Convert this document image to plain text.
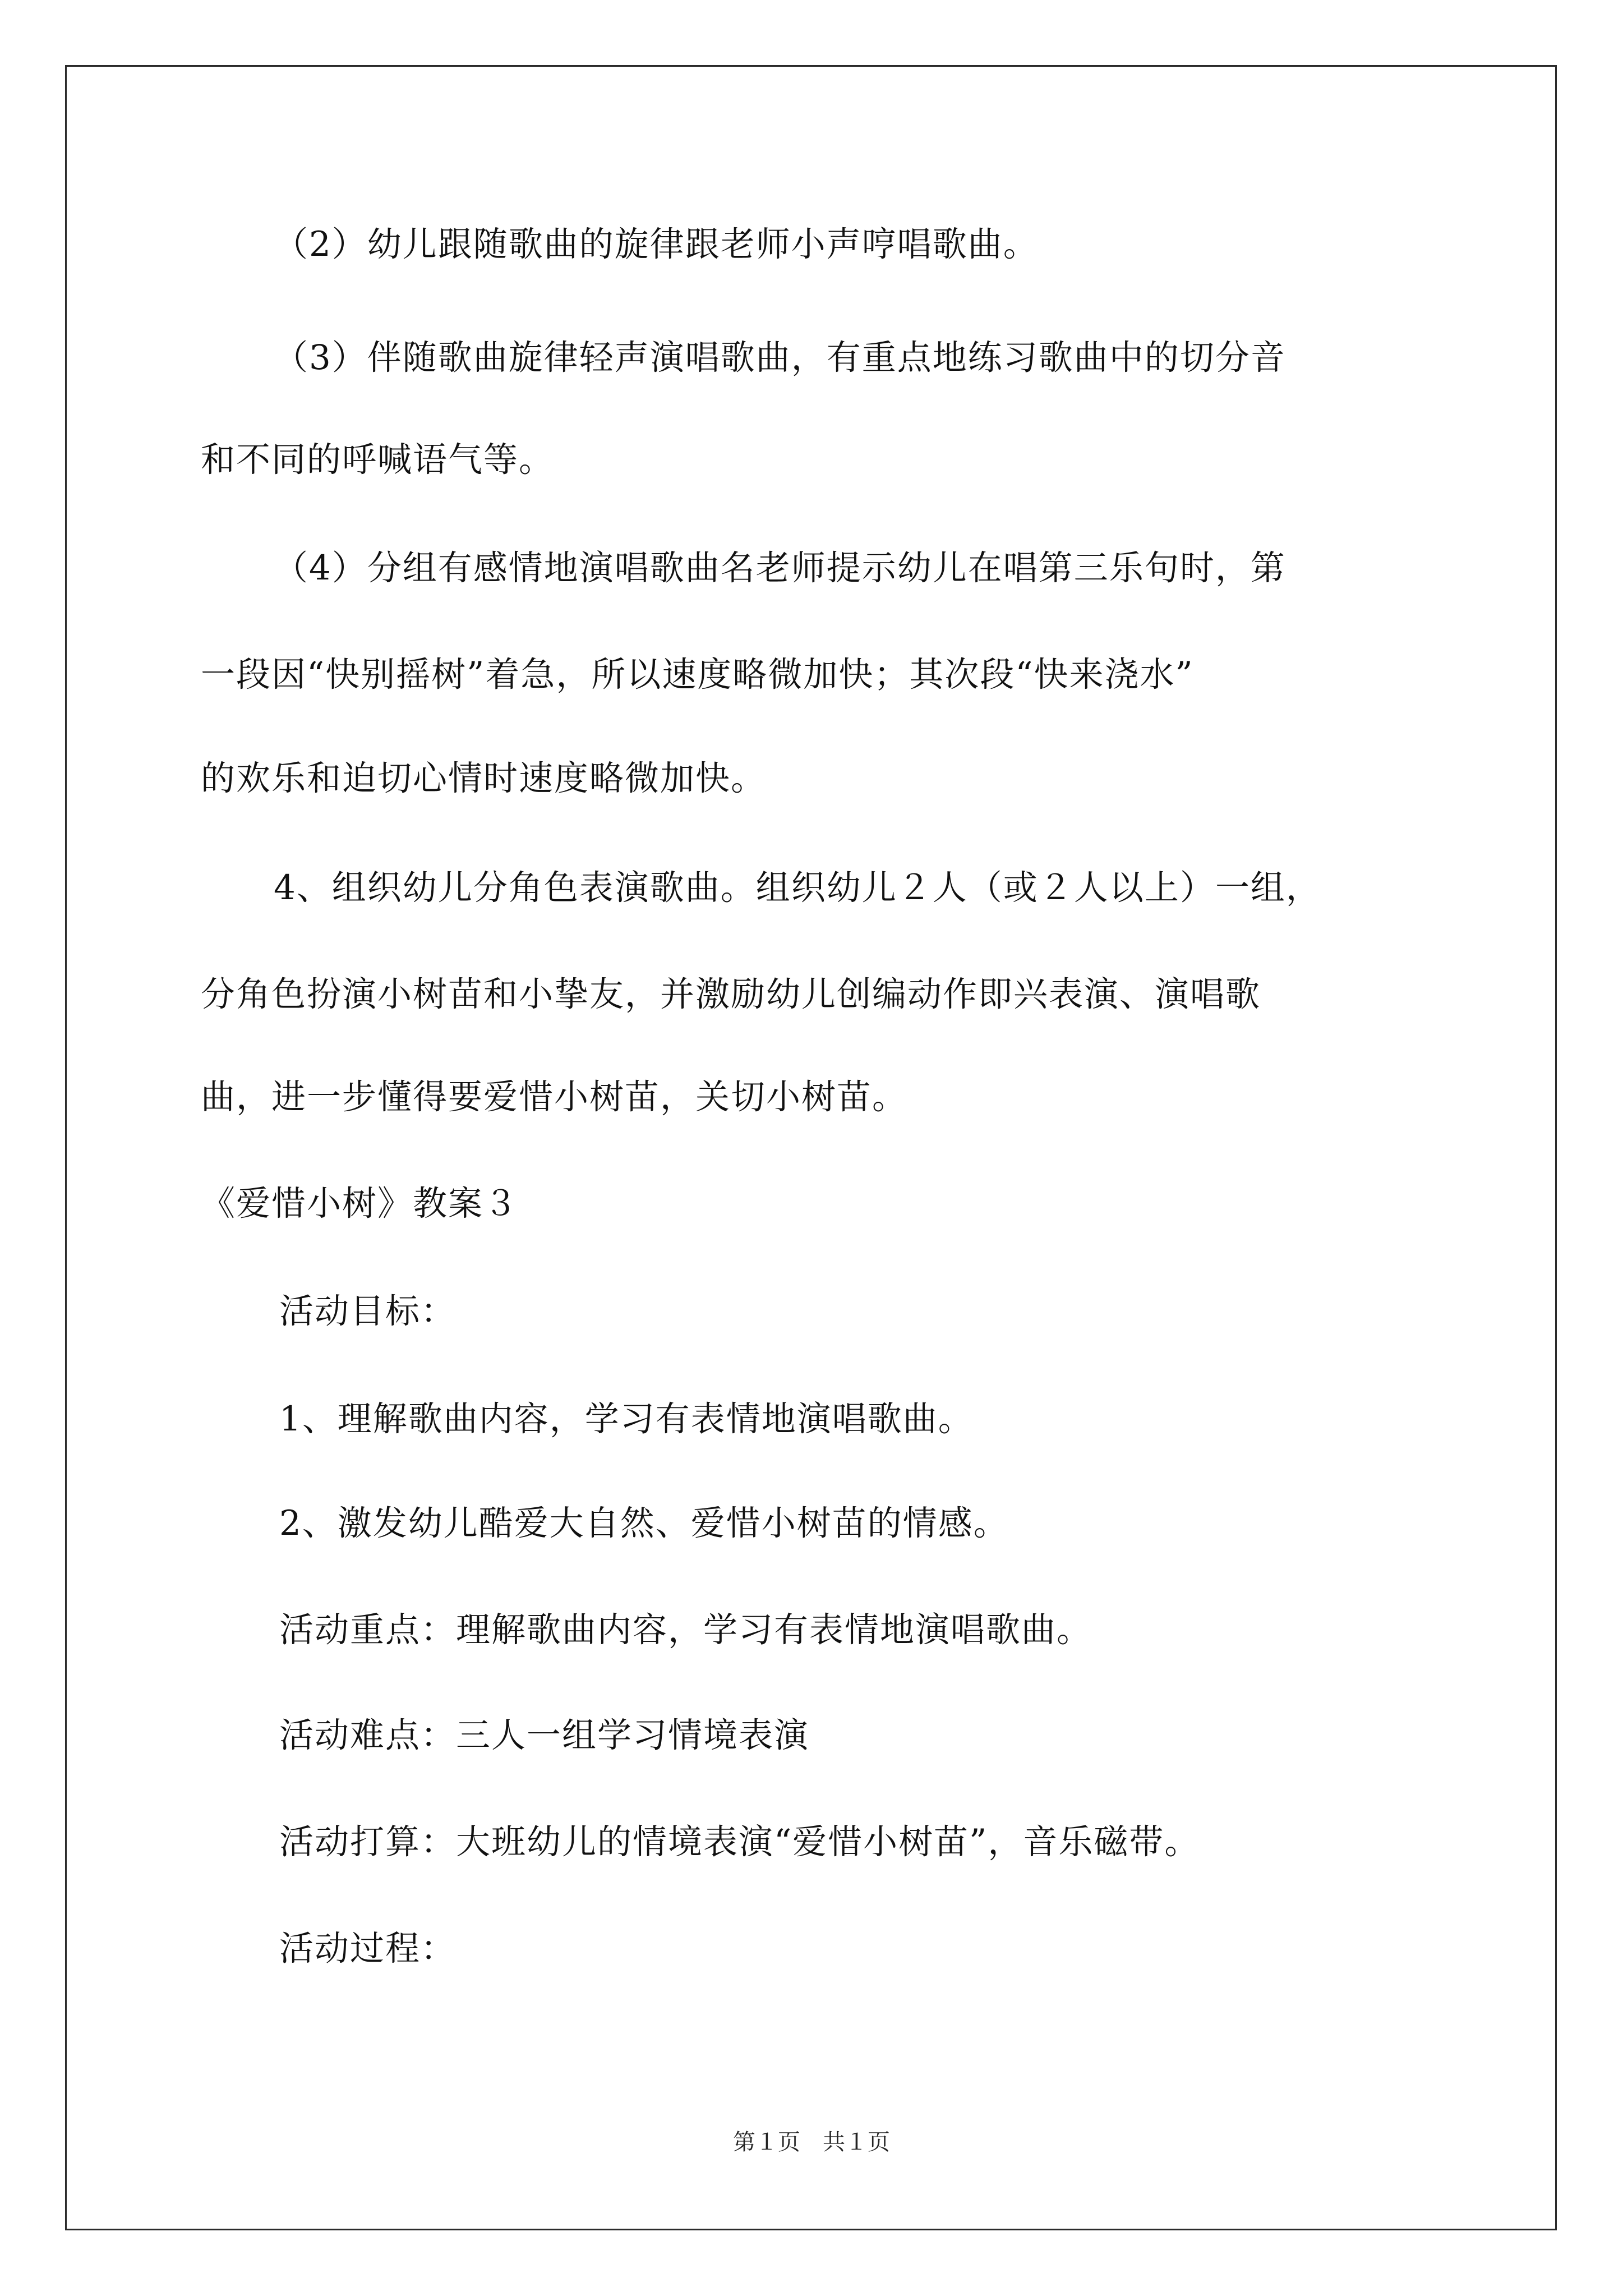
（2）幼儿跟随歌曲的旋律跟老师小声哼唱歌曲。
（3）伴随歌曲旋律轻声演唱歌曲，有重点地练习歌曲中的切分音
和不同的呼喊语气等。
（4）分组有感情地演唱歌曲名老师提示幼儿在唱第三乐句时，第
一段因“快别摇树”着急，所以速度略微加快；其次段“快来浇水”
的欢乐和迫切心情时速度略微加快。
4、组织幼儿分角色表演歌曲。组织幼儿２人（或２人以上）一组，
分角色扮演小树苗和小挚友，并激励幼儿创编动作即兴表演、演唱歌
曲，进一步懂得要爱惜小树苗，关切小树苗。
《爱惜小树》教案３
活动目标：
1、理解歌曲内容，学习有表情地演唱歌曲。
2、激发幼儿酷爱大自然、爱惜小树苗的情感。
活动重点：理解歌曲内容，学习有表情地演唱歌曲。
活动难点：三人一组学习情境表演
活动打算：大班幼儿的情境表演“爱惜小树苗”，音乐磁带。
活动过程：
第１页　共１页
